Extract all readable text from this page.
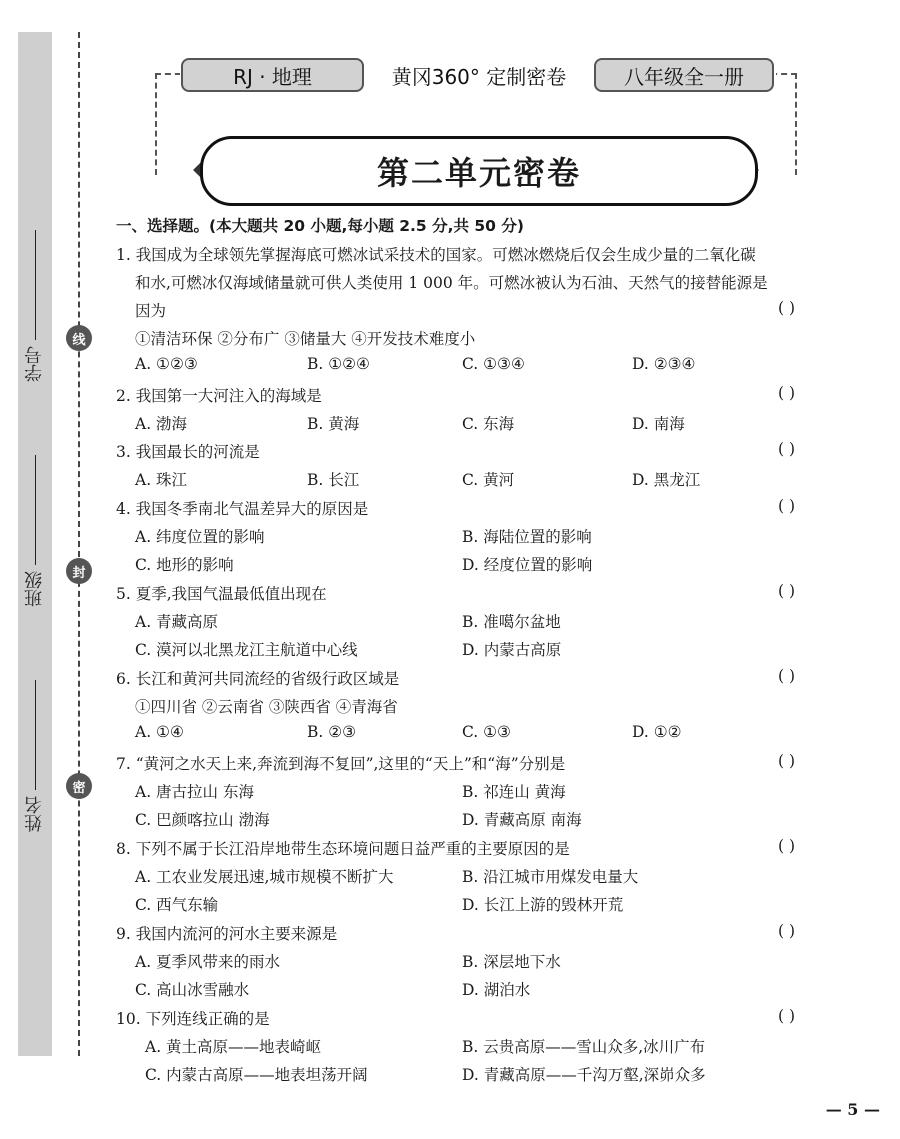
学号
班级
姓名
线
封
密
RJ · 地理	黄冈360° 定制密卷	八年级全一册
第二单元密卷
一、选择题。(本大题共 20 小题,每小题 2.5 分,共 50 分)
1. 我国成为全球领先掌握海底可燃冰试采技术的国家。可燃冰燃烧后仅会生成少量的二氧化碳
和水,可燃冰仅海域储量就可供人类使用 1 000 年。可燃冰被认为石油、天然气的接替能源是
因为	( )
①清洁环保 ②分布广 ③储量大 ④开发技术难度小
A. ①②③	B. ①②④	C. ①③④	D. ②③④
2. 我国第一大河注入的海域是	( )
A. 渤海	B. 黄海	C. 东海	D. 南海
3. 我国最长的河流是	( )
A. 珠江	B. 长江	C. 黄河	D. 黑龙江
4. 我国冬季南北气温差异大的原因是	( )
A. 纬度位置的影响	B. 海陆位置的影响
C. 地形的影响	D. 经度位置的影响
5. 夏季,我国气温最低值出现在	( )
A. 青藏高原	B. 准噶尔盆地
C. 漠河以北黑龙江主航道中心线	D. 内蒙古高原
6. 长江和黄河共同流经的省级行政区域是	( )
①四川省 ②云南省 ③陕西省 ④青海省
A. ①④	B. ②③	C. ①③	D. ①②
7. “黄河之水天上来,奔流到海不复回”,这里的“天上”和“海”分别是	( )
A. 唐古拉山 东海	B. 祁连山 黄海
C. 巴颜喀拉山 渤海	D. 青藏高原 南海
8. 下列不属于长江沿岸地带生态环境问题日益严重的主要原因的是	( )
A. 工农业发展迅速,城市规模不断扩大	B. 沿江城市用煤发电量大
C. 西气东输	D. 长江上游的毁林开荒
9. 我国内流河的河水主要来源是	( )
A. 夏季风带来的雨水	B. 深层地下水
C. 高山冰雪融水	D. 湖泊水
10. 下列连线正确的是	( )
A. 黄土高原——地表崎岖	B. 云贵高原——雪山众多,冰川广布
C. 内蒙古高原——地表坦荡开阔	D. 青藏高原——千沟万壑,深峁众多
— 5 —
